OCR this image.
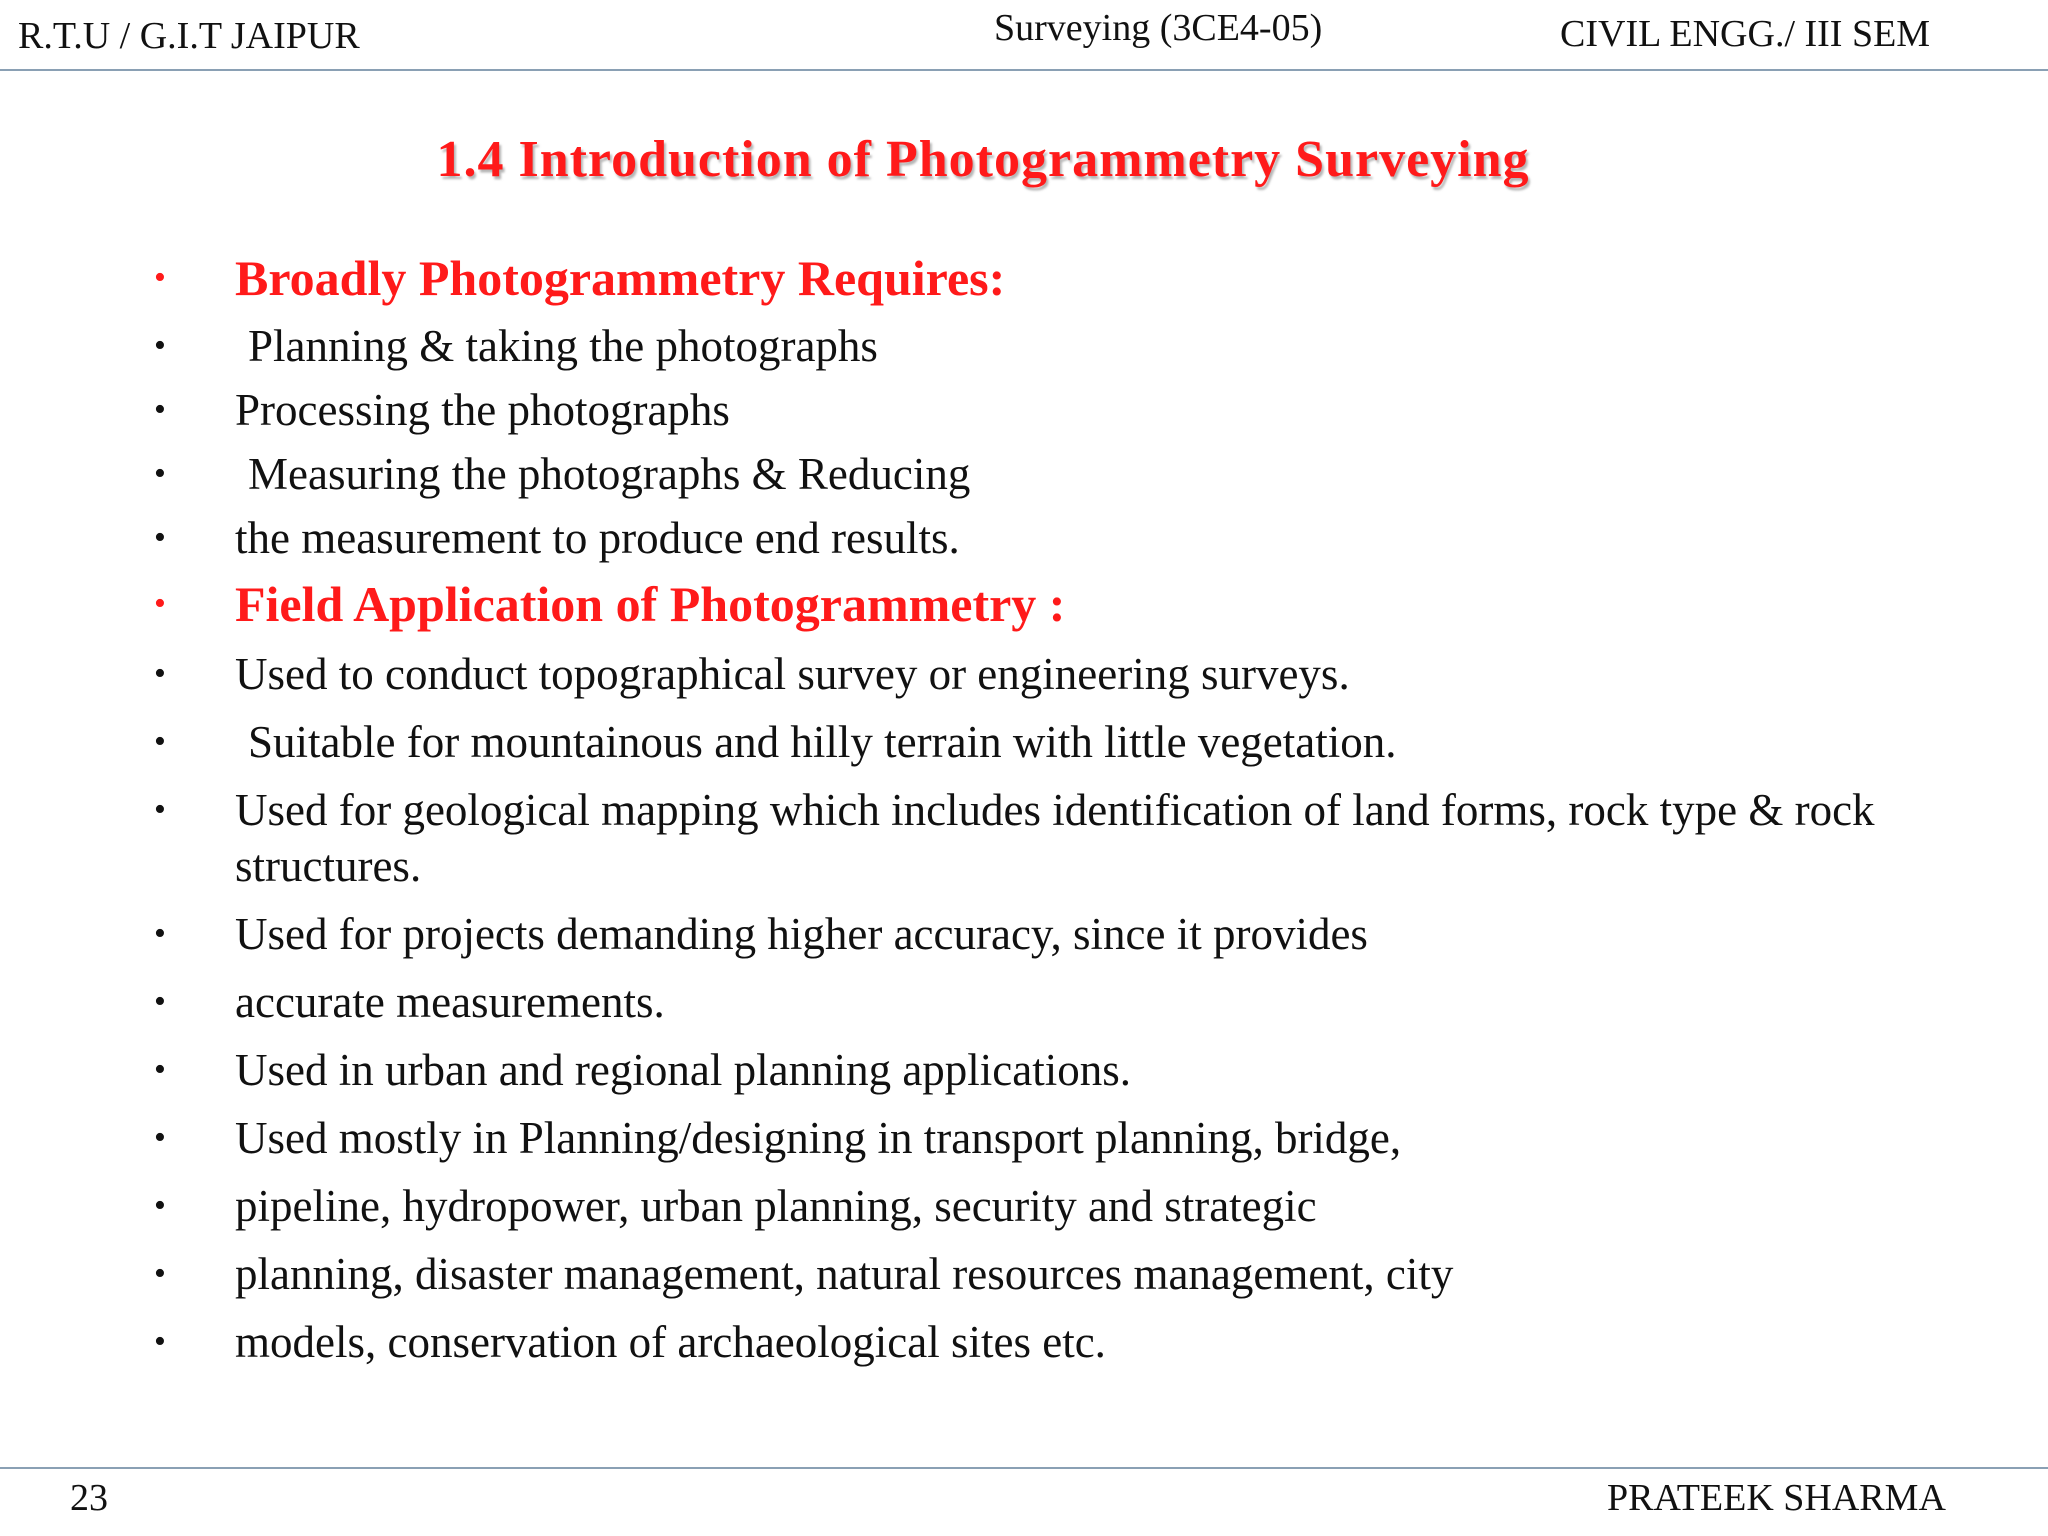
R.T.U / G.I.T JAIPUR	Surveying (3CE4-05)	CIVIL ENGG./ III SEM
1.4 Introduction of Photogrammetry Surveying
• Broadly Photogrammetry Requires:
• Planning & taking the photographs
• Processing the photographs
• Measuring the photographs & Reducing
• the measurement to produce end results.
• Field Application of Photogrammetry :
• Used to conduct topographical survey or engineering surveys.
• Suitable for mountainous and hilly terrain with little vegetation.
• Used for geological mapping which includes identification of land forms, rock type & rock structures.
• Used for projects demanding higher accuracy, since it provides
• accurate measurements.
• Used in urban and regional planning applications.
• Used mostly in Planning/designing in transport planning, bridge,
• pipeline, hydropower, urban planning, security and strategic
• planning, disaster management, natural resources management, city
• models, conservation of archaeological sites etc.
23	PRATEEK SHARMA
